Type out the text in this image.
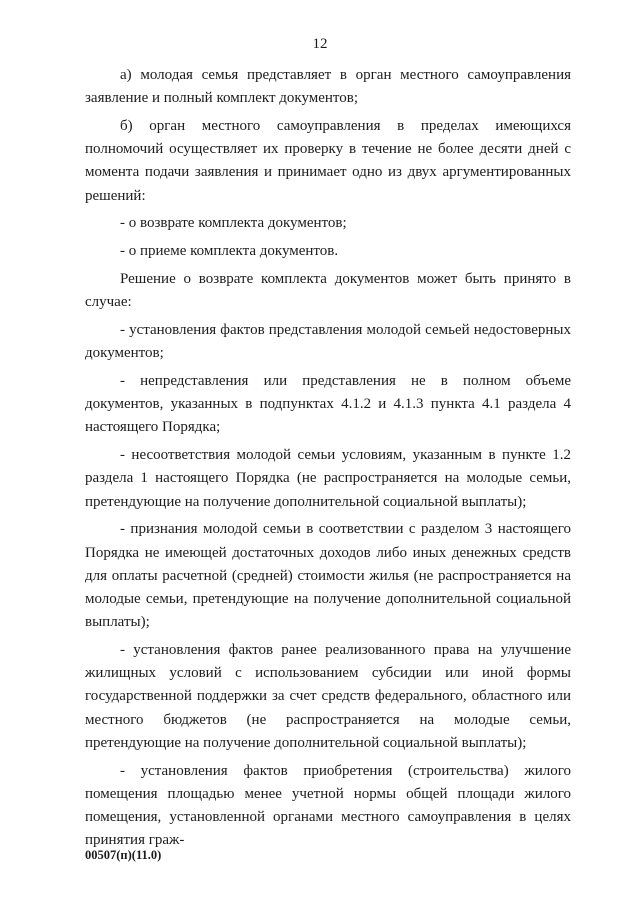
12

а) молодая семья представляет в орган местного самоуправления заявление и полный комплект документов;

б) орган местного самоуправления в пределах имеющихся полномочий осуществляет их проверку в течение не более десяти дней с момента подачи заявления и принимает одно из двух аргументированных решений:

- о возврате комплекта документов;

- о приеме комплекта документов.

Решение о возврате комплекта документов может быть принято в случае:

- установления фактов представления молодой семьей недостоверных документов;

- непредставления или представления не в полном объеме документов, указанных в подпунктах 4.1.2 и 4.1.3 пункта 4.1 раздела 4 настоящего Порядка;

- несоответствия молодой семьи условиям, указанным в пункте 1.2 раздела 1 настоящего Порядка (не распространяется на молодые семьи, претендующие на получение дополнительной социальной выплаты);

- признания молодой семьи в соответствии с разделом 3 настоящего Порядка не имеющей достаточных доходов либо иных денежных средств для оплаты расчетной (средней) стоимости жилья (не распространяется на молодые семьи, претендующие на получение дополнительной социальной выплаты);

- установления фактов ранее реализованного права на улучшение жилищных условий с использованием субсидии или иной формы государственной поддержки за счет средств федерального, областного или местного бюджетов (не распространяется на молодые семьи, претендующие на получение дополнительной социальной выплаты);

- установления фактов приобретения (строительства) жилого помещения площадью менее учетной нормы общей площади жилого помещения, установленной органами местного самоуправления в целях принятия граж-

00507(п)(11.0)
